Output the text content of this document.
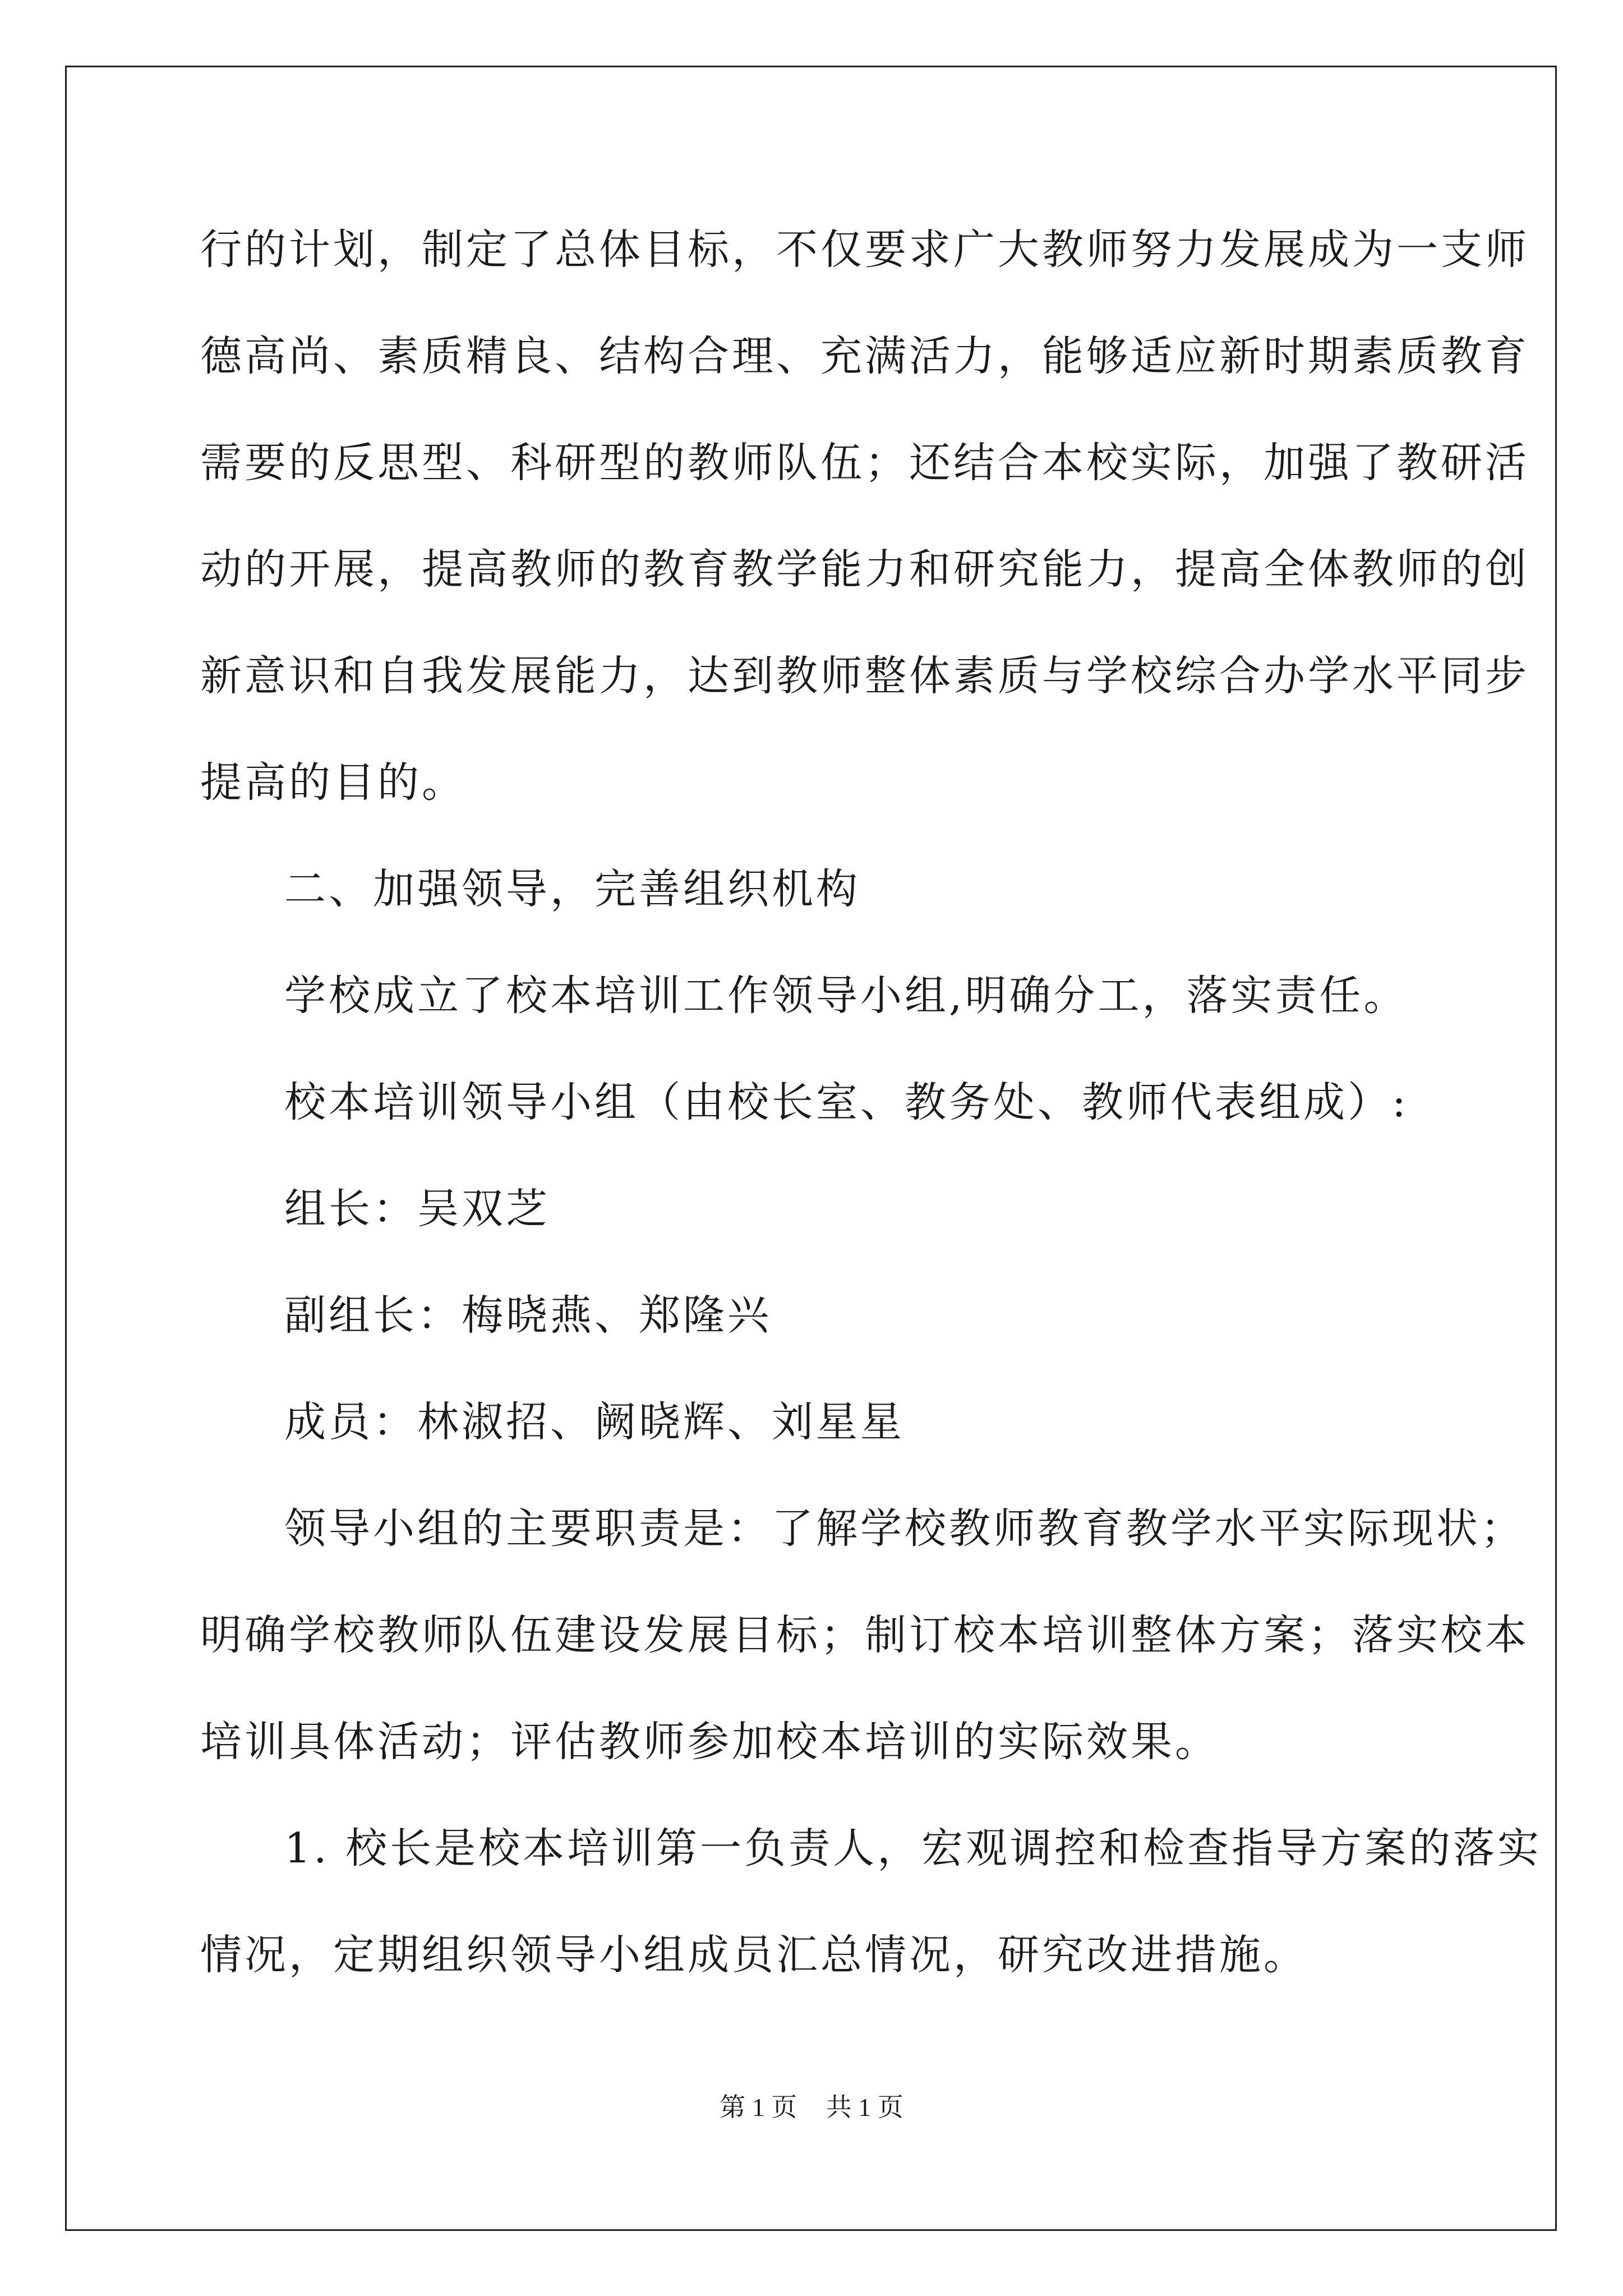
行的计划，制定了总体目标，不仅要求广大教师努力发展成为一支师

德高尚、素质精良、结构合理、充满活力，能够适应新时期素质教育

需要的反思型、科研型的教师队伍；还结合本校实际，加强了教研活

动的开展，提高教师的教育教学能力和研究能力，提高全体教师的创

新意识和自我发展能力，达到教师整体素质与学校综合办学水平同步

提高的目的。

二、加强领导，完善组织机构

学校成立了校本培训工作领导小组,明确分工，落实责任。

校本培训领导小组（由校长室、教务处、教师代表组成）:

组长：吴双芝

副组长：梅晓燕、郑隆兴

成员：林淑招、阙晓辉、刘星星

领导小组的主要职责是：了解学校教师教育教学水平实际现状；

明确学校教师队伍建设发展目标；制订校本培训整体方案；落实校本

培训具体活动；评估教师参加校本培训的实际效果。

1. 校长是校本培训第一负责人，宏观调控和检查指导方案的落实

情况，定期组织领导小组成员汇总情况，研究改进措施。

第 1 页 共 1 页
